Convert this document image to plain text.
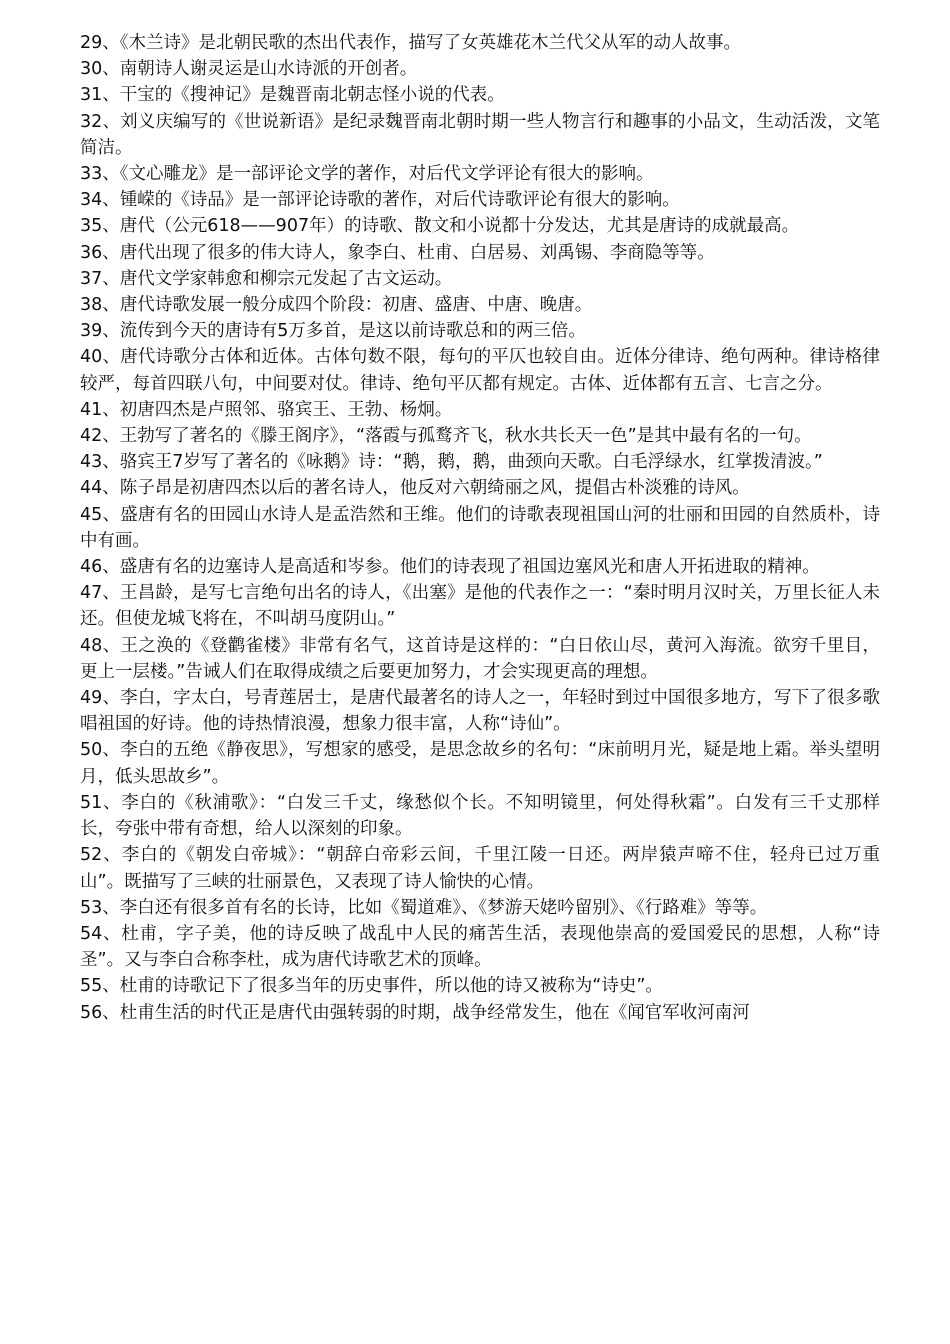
29、《木兰诗》是北朝民歌的杰出代表作，描写了女英雄花木兰代父从军的动人故事。

30、南朝诗人谢灵运是山水诗派的开创者。

31、干宝的《搜神记》是魏晋南北朝志怪小说的代表。

32、刘义庆编写的《世说新语》是纪录魏晋南北朝时期一些人物言行和趣事的小品文，生动活泼，文笔简洁。

33、《文心雕龙》是一部评论文学的著作，对后代文学评论有很大的影响。

34、锺嵘的《诗品》是一部评论诗歌的著作，对后代诗歌评论有很大的影响。

35、唐代（公元618——907年）的诗歌、散文和小说都十分发达，尤其是唐诗的成就最高。

36、唐代出现了很多的伟大诗人，象李白、杜甫、白居易、刘禹锡、李商隐等等。

37、唐代文学家韩愈和柳宗元发起了古文运动。

38、唐代诗歌发展一般分成四个阶段：初唐、盛唐、中唐、晚唐。

39、流传到今天的唐诗有5万多首，是这以前诗歌总和的两三倍。

40、唐代诗歌分古体和近体。古体句数不限，每句的平仄也较自由。近体分律诗、绝句两种。律诗格律较严，每首四联八句，中间要对仗。律诗、绝句平仄都有规定。古体、近体都有五言、七言之分。

41、初唐四杰是卢照邻、骆宾王、王勃、杨炯。

42、王勃写了著名的《滕王阁序》，“落霞与孤鹜齐飞，秋水共长天一色”是其中最有名的一句。

43、骆宾王7岁写了著名的《咏鹅》诗：“鹅，鹅，鹅，曲颈向天歌。白毛浮绿水，红掌拨清波。”

44、陈子昂是初唐四杰以后的著名诗人，他反对六朝绮丽之风，提倡古朴淡雅的诗风。

45、盛唐有名的田园山水诗人是孟浩然和王维。他们的诗歌表现祖国山河的壮丽和田园的自然质朴，诗中有画。

46、盛唐有名的边塞诗人是高适和岑参。他们的诗表现了祖国边塞风光和唐人开拓进取的精神。

47、王昌龄，是写七言绝句出名的诗人，《出塞》是他的代表作之一：“秦时明月汉时关，万里长征人未还。但使龙城飞将在，不叫胡马度阴山。”

48、王之涣的《登鹳雀楼》非常有名气，这首诗是这样的：“白日依山尽，黄河入海流。欲穷千里目，更上一层楼。”告诫人们在取得成绩之后要更加努力，才会实现更高的理想。

49、李白，字太白，号青莲居士，是唐代最著名的诗人之一，年轻时到过中国很多地方，写下了很多歌唱祖国的好诗。他的诗热情浪漫，想象力很丰富，人称“诗仙”。

50、李白的五绝《静夜思》，写想家的感受，是思念故乡的名句：“床前明月光，疑是地上霜。举头望明月，低头思故乡”。

51、李白的《秋浦歌》：“白发三千丈，缘愁似个长。不知明镜里，何处得秋霜”。白发有三千丈那样长，夸张中带有奇想，给人以深刻的印象。

52、李白的《朝发白帝城》：“朝辞白帝彩云间，千里江陵一日还。两岸猿声啼不住，轻舟已过万重山”。既描写了三峡的壮丽景色，又表现了诗人愉快的心情。

53、李白还有很多首有名的长诗，比如《蜀道难》、《梦游天姥吟留别》、《行路难》等等。

54、杜甫，字子美，他的诗反映了战乱中人民的痛苦生活，表现他崇高的爱国爱民的思想，人称“诗圣”。又与李白合称李杜，成为唐代诗歌艺术的顶峰。

55、杜甫的诗歌记下了很多当年的历史事件，所以他的诗又被称为“诗史”。

56、杜甫生活的时代正是唐代由强转弱的时期，战争经常发生，他在《闻官军收河南河
